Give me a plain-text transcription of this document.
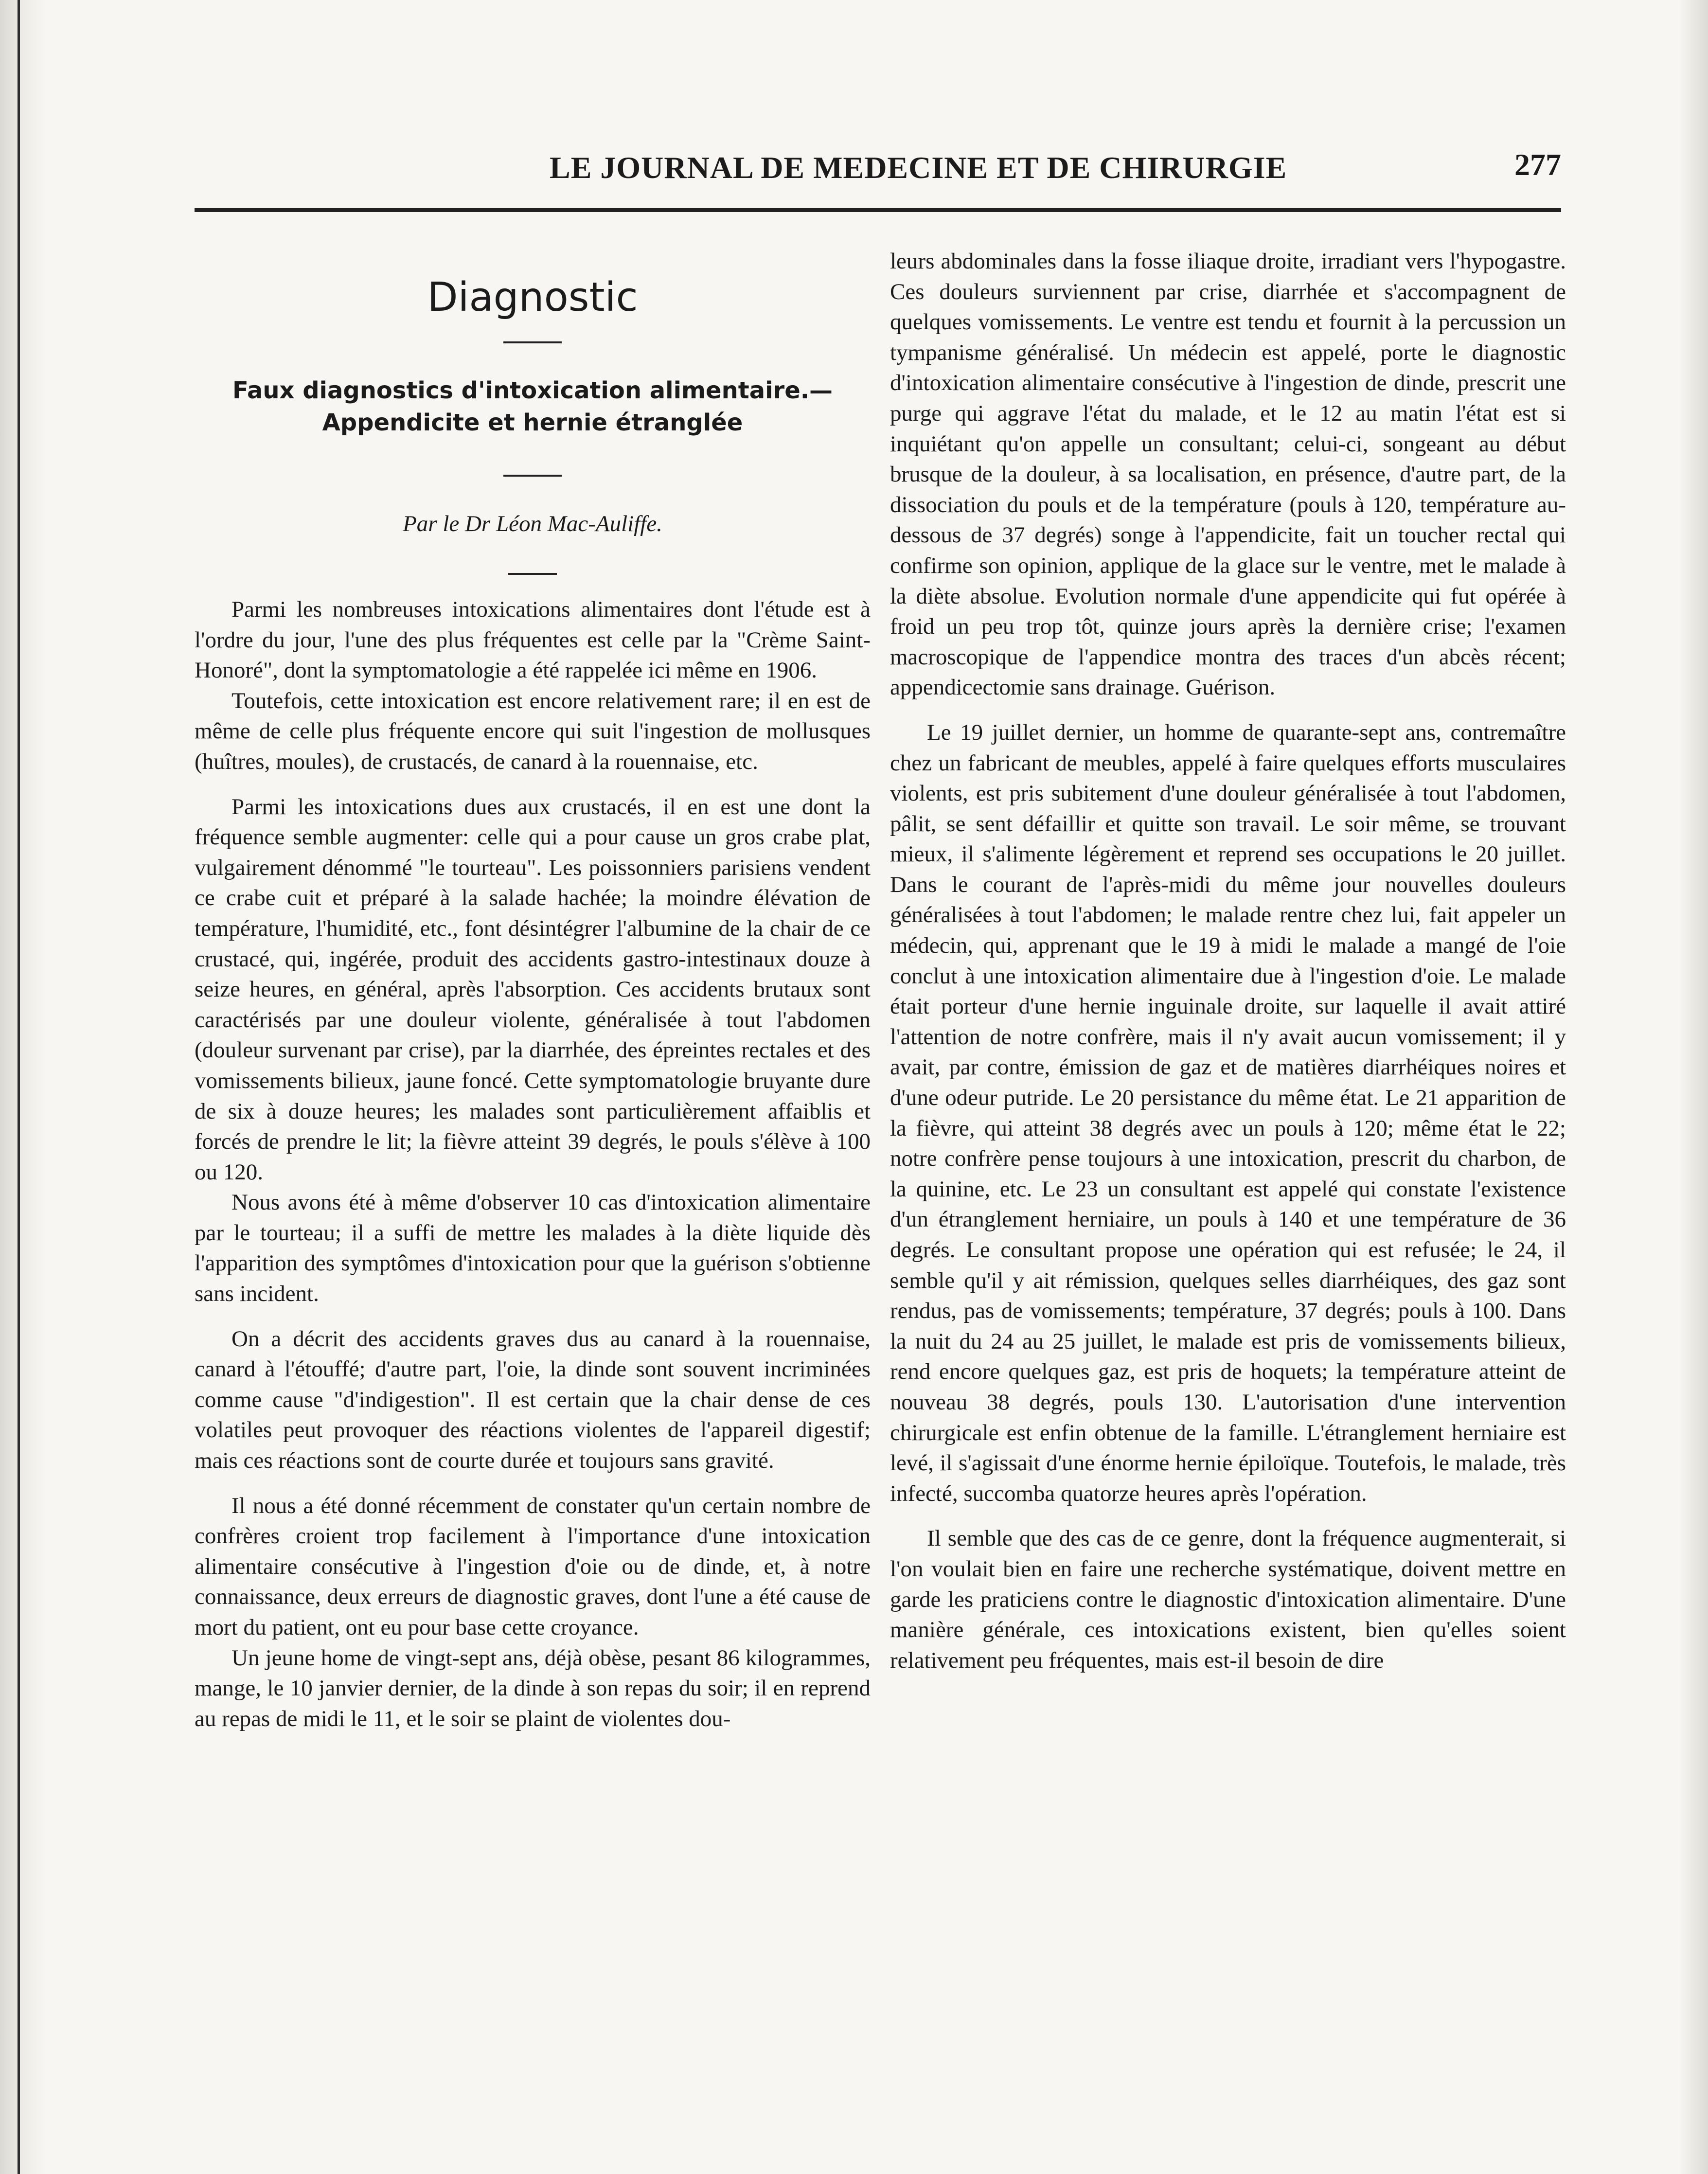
LE JOURNAL DE MEDECINE ET DE CHIRURGIE	277
Diagnostic
Faux diagnostics d'intoxication alimentaire.—
Appendicite et hernie étranglée
Par le Dr Léon Mac-Auliffe.

Parmi les nombreuses intoxications alimentaires dont l'étude est à l'ordre du jour, l'une des plus fréquentes est celle par la "Crème Saint-Honoré", dont la symptomatologie a été rappelée ici même en 1906.

Toutefois, cette intoxication est encore relativement rare; il en est de même de celle plus fréquente encore qui suit l'ingestion de mollusques (huîtres, moules), de crustacés, de canard à la rouennaise, etc.

Parmi les intoxications dues aux crustacés, il en est une dont la fréquence semble augmenter: celle qui a pour cause un gros crabe plat, vulgairement dénommé "le tourteau". Les poissonniers parisiens vendent ce crabe cuit et préparé à la salade hachée; la moindre élévation de température, l'humidité, etc., font désintégrer l'albumine de la chair de ce crustacé, qui, ingérée, produit des accidents gastro-intestinaux douze à seize heures, en général, après l'absorption. Ces accidents brutaux sont caractérisés par une douleur violente, généralisée à tout l'abdomen (douleur survenant par crise), par la diarrhée, des épreintes rectales et des vomissements bilieux, jaune foncé. Cette symptomatologie bruyante dure de six à douze heures; les malades sont particulièrement affaiblis et forcés de prendre le lit; la fièvre atteint 39 degrés, le pouls s'élève à 100 ou 120.

Nous avons été à même d'observer 10 cas d'intoxication alimentaire par le tourteau; il a suffi de mettre les malades à la diète liquide dès l'apparition des symptômes d'intoxication pour que la guérison s'obtienne sans incident.

On a décrit des accidents graves dus au canard à la rouennaise, canard à l'étouffé; d'autre part, l'oie, la dinde sont souvent incriminées comme cause "d'indigestion". Il est certain que la chair dense de ces volatiles peut provoquer des réactions violentes de l'appareil digestif; mais ces réactions sont de courte durée et toujours sans gravité.

Il nous a été donné récemment de constater qu'un certain nombre de confrères croient trop facilement à l'importance d'une intoxication alimentaire consécutive à l'ingestion d'oie ou de dinde, et, à notre connaissance, deux erreurs de diagnostic graves, dont l'une a été cause de mort du patient, ont eu pour base cette croyance.

Un jeune home de vingt-sept ans, déjà obèse, pesant 86 kilogrammes, mange, le 10 janvier dernier, de la dinde à son repas du soir; il en reprend au repas de midi le 11, et le soir se plaint de violentes dou-

leurs abdominales dans la fosse iliaque droite, irradiant vers l'hypogastre. Ces douleurs surviennent par crise, diarrhée et s'accompagnent de quelques vomissements. Le ventre est tendu et fournit à la percussion un tympanisme généralisé. Un médecin est appelé, porte le diagnostic d'intoxication alimentaire consécutive à l'ingestion de dinde, prescrit une purge qui aggrave l'état du malade, et le 12 au matin l'état est si inquiétant qu'on appelle un consultant; celui-ci, songeant au début brusque de la douleur, à sa localisation, en présence, d'autre part, de la dissociation du pouls et de la température (pouls à 120, température au-dessous de 37 degrés) songe à l'appendicite, fait un toucher rectal qui confirme son opinion, applique de la glace sur le ventre, met le malade à la diète absolue. Evolution normale d'une appendicite qui fut opérée à froid un peu trop tôt, quinze jours après la dernière crise; l'examen macroscopique de l'appendice montra des traces d'un abcès récent; appendicectomie sans drainage. Guérison.

Le 19 juillet dernier, un homme de quarante-sept ans, contremaître chez un fabricant de meubles, appelé à faire quelques efforts musculaires violents, est pris subitement d'une douleur généralisée à tout l'abdomen, pâlit, se sent défaillir et quitte son travail. Le soir même, se trouvant mieux, il s'alimente légèrement et reprend ses occupations le 20 juillet. Dans le courant de l'après-midi du même jour nouvelles douleurs généralisées à tout l'abdomen; le malade rentre chez lui, fait appeler un médecin, qui, apprenant que le 19 à midi le malade a mangé de l'oie conclut à une intoxication alimentaire due à l'ingestion d'oie. Le malade était porteur d'une hernie inguinale droite, sur laquelle il avait attiré l'attention de notre confrère, mais il n'y avait aucun vomissement; il y avait, par contre, émission de gaz et de matières diarrhéiques noires et d'une odeur putride. Le 20 persistance du même état. Le 21 apparition de la fièvre, qui atteint 38 degrés avec un pouls à 120; même état le 22; notre confrère pense toujours à une intoxication, prescrit du charbon, de la quinine, etc. Le 23 un consultant est appelé qui constate l'existence d'un étranglement herniaire, un pouls à 140 et une température de 36 degrés. Le consultant propose une opération qui est refusée; le 24, il semble qu'il y ait rémission, quelques selles diarrhéiques, des gaz sont rendus, pas de vomissements; température, 37 degrés; pouls à 100. Dans la nuit du 24 au 25 juillet, le malade est pris de vomissements bilieux, rend encore quelques gaz, est pris de hoquets; la température atteint de nouveau 38 degrés, pouls 130. L'autorisation d'une intervention chirurgicale est enfin obtenue de la famille. L'étranglement herniaire est levé, il s'agissait d'une énorme hernie épiloïque. Toutefois, le malade, très infecté, succomba quatorze heures après l'opération.

Il semble que des cas de ce genre, dont la fréquence augmenterait, si l'on voulait bien en faire une recherche systématique, doivent mettre en garde les praticiens contre le diagnostic d'intoxication alimentaire. D'une manière générale, ces intoxications existent, bien qu'elles soient relativement peu fréquentes, mais est-il besoin de dire
